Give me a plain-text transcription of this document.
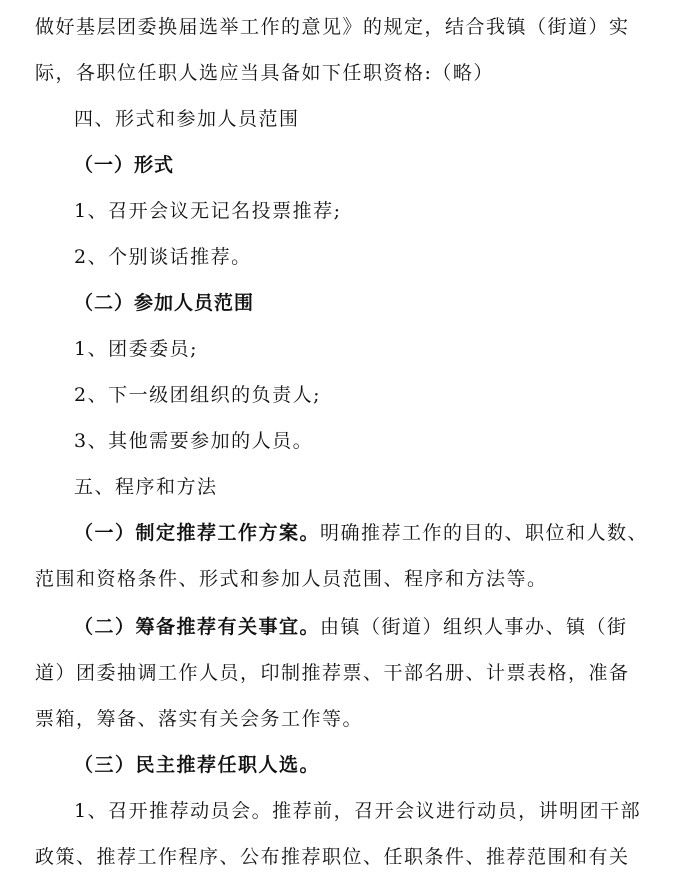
做好基层团委换届选举工作的意见》的规定，结合我镇（街道）实
际，各职位任职人选应当具备如下任职资格:（略）
四、形式和参加人员范围
（一）形式
1、召开会议无记名投票推荐;
2、个别谈话推荐。
（二）参加人员范围
1、团委委员;
2、下一级团组织的负责人;
3、其他需要参加的人员。
五、程序和方法
（一）制定推荐工作方案。明确推荐工作的目的、职位和人数、
范围和资格条件、形式和参加人员范围、程序和方法等。
（二）筹备推荐有关事宜。由镇（街道）组织人事办、镇（街
道）团委抽调工作人员，印制推荐票、干部名册、计票表格，准备
票箱，筹备、落实有关会务工作等。
（三）民主推荐任职人选。
1、召开推荐动员会。推荐前，召开会议进行动员，讲明团干部
政策、推荐工作程序、公布推荐职位、任职条件、推荐范围和有关
